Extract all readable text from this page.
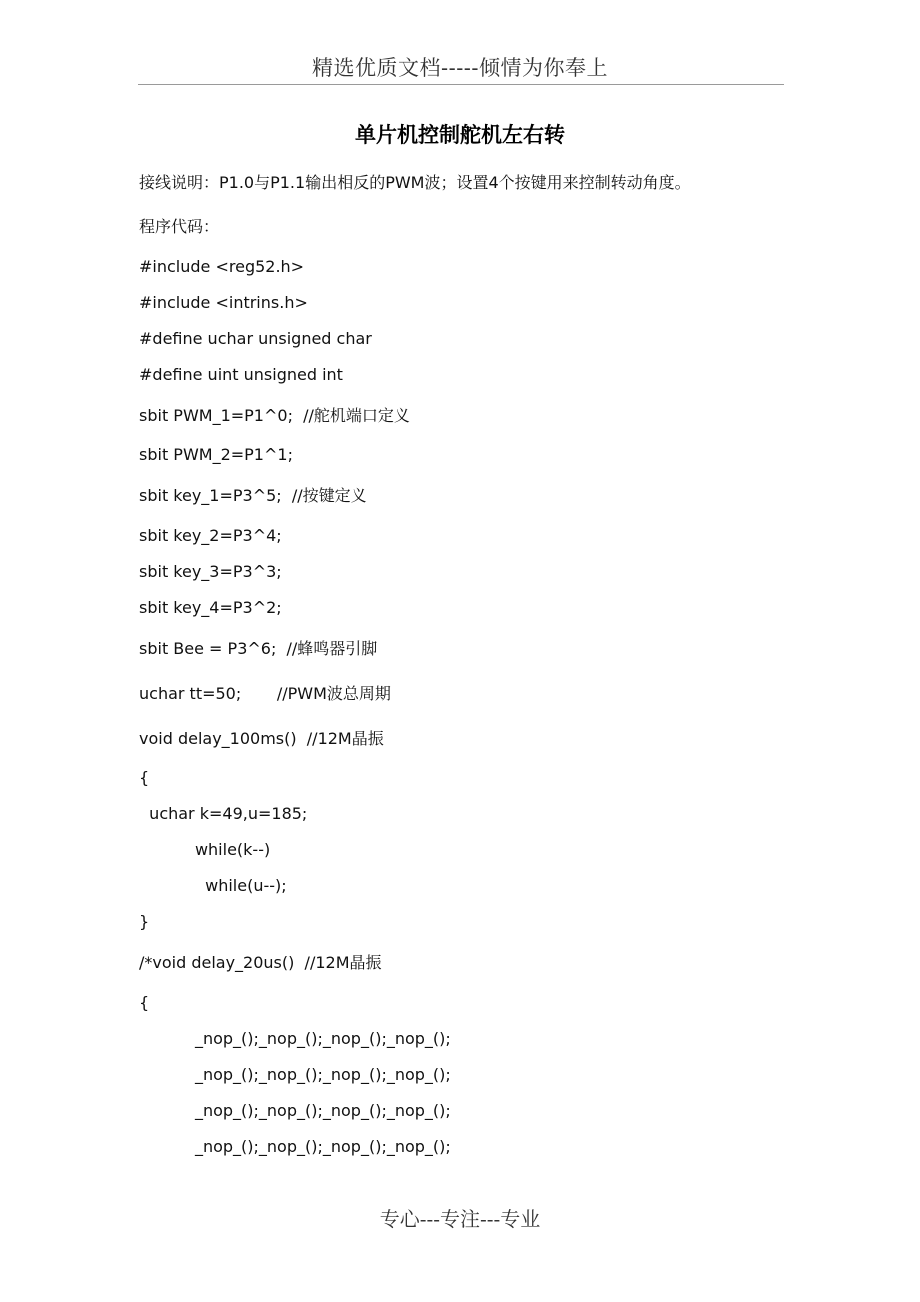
精选优质文档-----倾情为你奉上
单片机控制舵机左右转
接线说明：P1.0与P1.1输出相反的PWM波；设置4个按键用来控制转动角度。
程序代码：
#include <reg52.h>
#include <intrins.h>
#define uchar unsigned char
#define uint unsigned int
sbit PWM_1=P1^0;  //舵机端口定义
sbit PWM_2=P1^1;
sbit key_1=P3^5;  //按键定义
sbit key_2=P3^4;
sbit key_3=P3^3;
sbit key_4=P3^2;
sbit Bee = P3^6;  //蜂鸣器引脚
uchar tt=50;       //PWM波总周期
void delay_100ms()  //12M晶振
{
uchar k=49,u=185;
while(k--)
while(u--);
}
/*void delay_20us()  //12M晶振
{
_nop_();_nop_();_nop_();_nop_();
_nop_();_nop_();_nop_();_nop_();
_nop_();_nop_();_nop_();_nop_();
_nop_();_nop_();_nop_();_nop_();
专心---专注---专业
